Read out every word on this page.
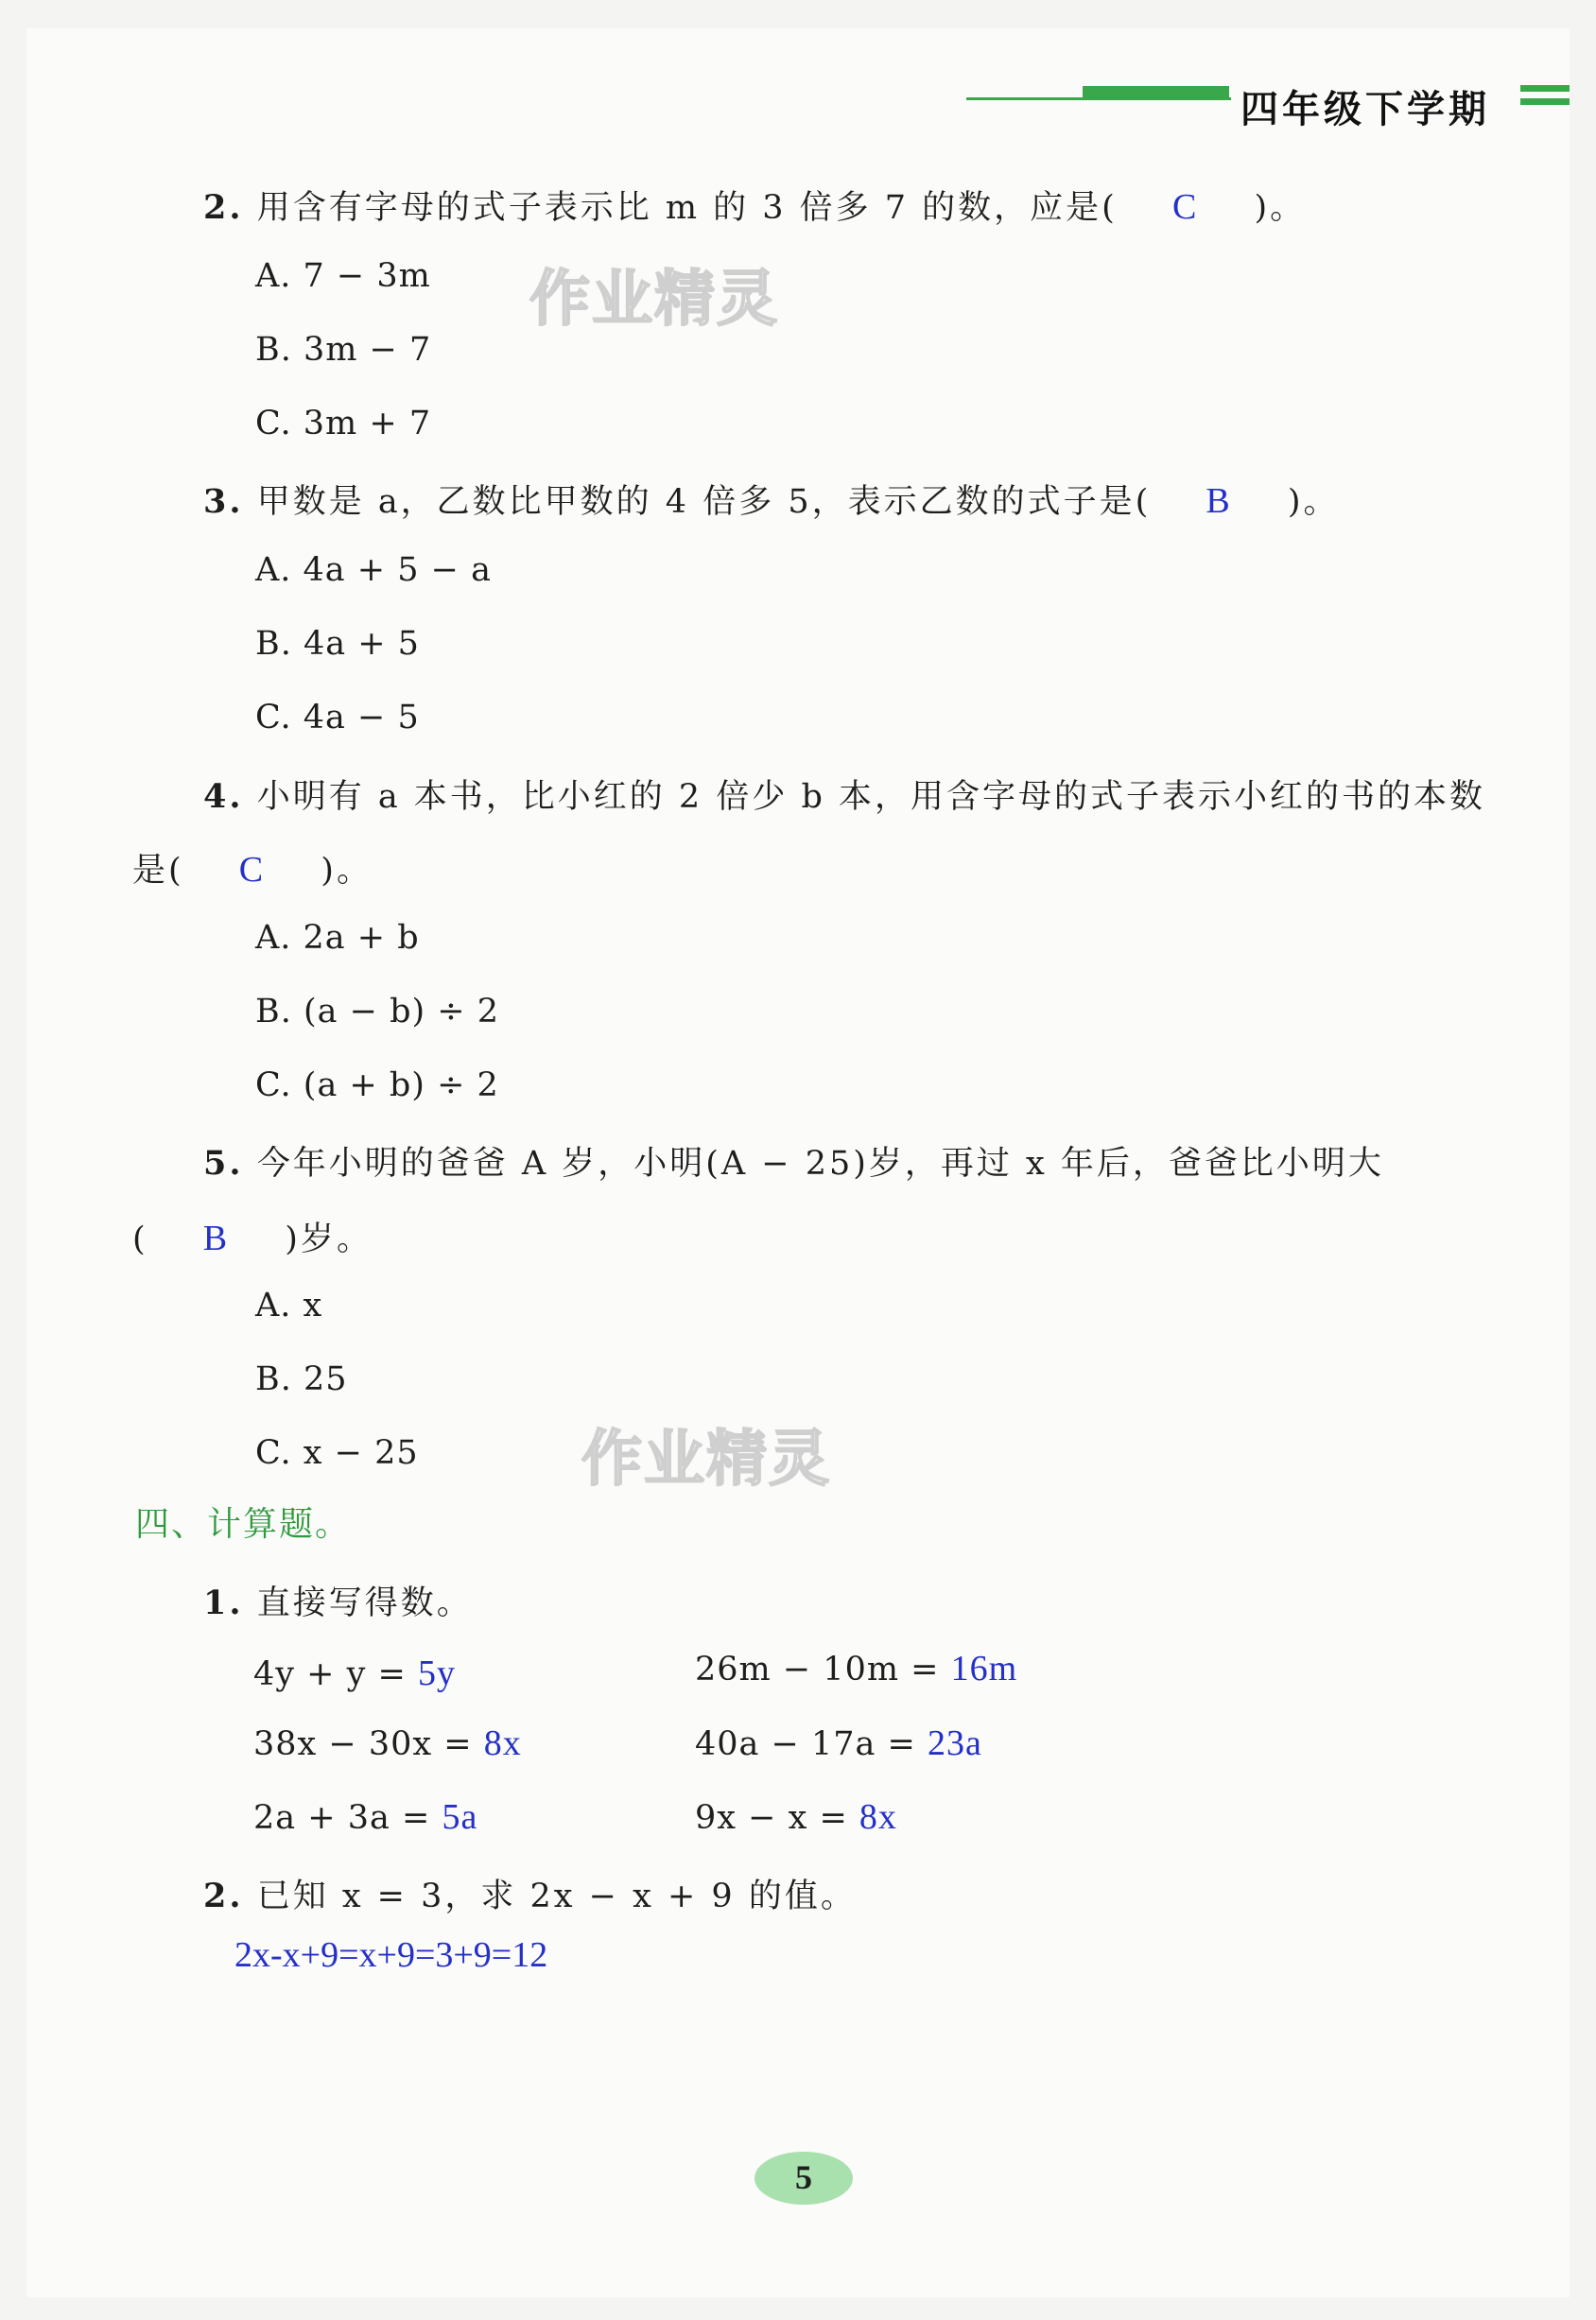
四年级下学期
作业精灵
作业精灵
2. 用含有字母的式子表示比 m 的 3 倍多 7 的数，应是( C )。
A. 7 − 3m
B. 3m − 7
C. 3m + 7
3. 甲数是 a，乙数比甲数的 4 倍多 5，表示乙数的式子是( B )。
A. 4a + 5 − a
B. 4a + 5
C. 4a − 5
4. 小明有 a 本书，比小红的 2 倍少 b 本，用含字母的式子表示小红的书的本数
是( C )。
A. 2a + b
B. (a − b) ÷ 2
C. (a + b) ÷ 2
5. 今年小明的爸爸 A 岁，小明(A − 25)岁，再过 x 年后，爸爸比小明大
( B )岁。
A. x
B. 25
C. x − 25
四、计算题。
1. 直接写得数。
4y + y = 5y	26m − 10m = 16m
38x − 30x = 8x	40a − 17a = 23a
2a + 3a = 5a	9x − x = 8x
2. 已知 x = 3，求 2x − x + 9 的值。
2x-x+9=x+9=3+9=12
5
